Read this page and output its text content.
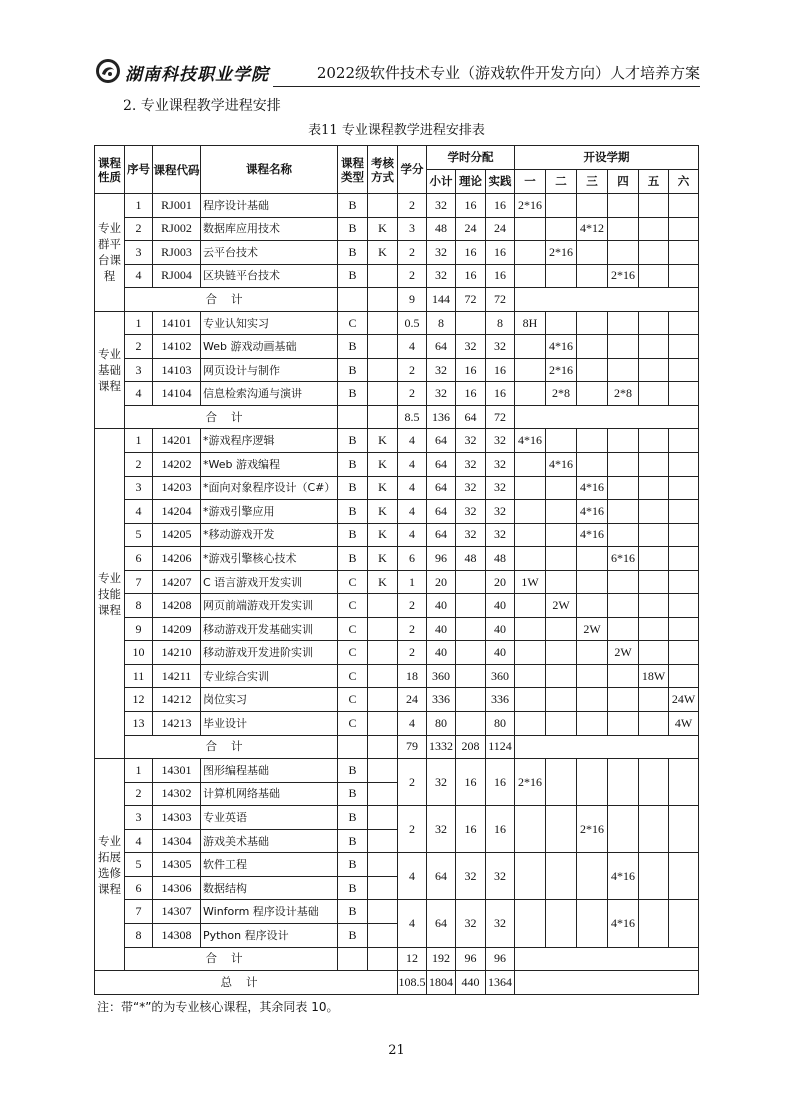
湖南科技职业学院	2022级软件技术专业（游戏软件开发方向）人才培养方案
2. 专业课程教学进程安排
表11 专业课程教学进程安排表
课程性质	序号	课程代码	课程名称	课程类型	考核方式	学分	学时分配			开设学期					
							小计	理论	实践	一	二	三	四	五	六
专业群平台课程	1	RJ001	程序设计基础	B		2	32	16	16	2*16					
	2	RJ002	数据库应用技术	B	K	3	48	24	24			4*12			
	3	RJ003	云平台技术	B	K	2	32	16	16		2*16				
	4	RJ004	区块链平台技术	B		2	32	16	16				2*16		
	合计					9	144	72	72						
专业基础课程	1	14101	专业认知实习	C		0.5	8		8	8H					
	2	14102	Web 游戏动画基础	B		4	64	32	32		4*16				
	3	14103	网页设计与制作	B		2	32	16	16		2*16				
	4	14104	信息检索沟通与演讲	B		2	32	16	16		2*8		2*8		
	合计					8.5	136	64	72						
专业技能课程	1	14201	*游戏程序逻辑	B	K	4	64	32	32	4*16					
	2	14202	*Web 游戏编程	B	K	4	64	32	32		4*16				
	3	14203	*面向对象程序设计（C#）	B	K	4	64	32	32			4*16			
	4	14204	*游戏引擎应用	B	K	4	64	32	32			4*16			
	5	14205	*移动游戏开发	B	K	4	64	32	32			4*16			
	6	14206	*游戏引擎核心技术	B	K	6	96	48	48				6*16		
	7	14207	C 语言游戏开发实训	C	K	1	20		20	1W					
	8	14208	网页前端游戏开发实训	C		2	40		40		2W				
	9	14209	移动游戏开发基础实训	C		2	40		40			2W			
	10	14210	移动游戏开发进阶实训	C		2	40		40				2W		
	11	14211	专业综合实训	C		18	360		360					18W	
	12	14212	岗位实习	C		24	336		336						24W
	13	14213	毕业设计	C		4	80		80						4W
	合计					79	1332	208	1124						
专业拓展选修课程	1	14301	图形编程基础	B		2	32	16	16	2*16					
	2	14302	计算机网络基础	B											
	3	14303	专业英语	B		2	32	16	16			2*16			
	4	14304	游戏美术基础	B											
	5	14305	软件工程	B		4	64	32	32				4*16		
	6	14306	数据结构	B											
	7	14307	Winform 程序设计基础	B		4	64	32	32				4*16		
	8	14308	Python 程序设计	B											
	合计					12	192	96	96						
总计						108.5	1804	440	1364						
注：带“*”的为专业核心课程，其余同表 10。
21
